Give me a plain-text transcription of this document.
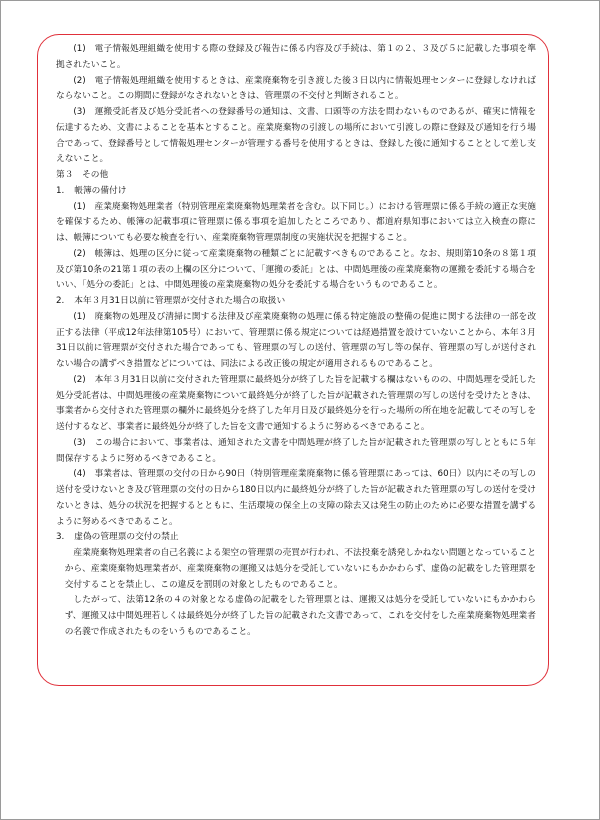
(1)　電子情報処理組織を使用する際の登録及び報告に係る内容及び手続は、第１の２、３及び５に記載した事項を準拠されたいこと。

(2)　電子情報処理組織を使用するときは、産業廃棄物を引き渡した後３日以内に情報処理センターに登録しなければならないこと。この期間に登録がなされないときは、管理票の不交付と判断されること。

(3)　運搬受託者及び処分受託者への登録番号の通知は、文書、口頭等の方法を問わないものであるが、確実に情報を伝達するため、文書によることを基本とすること。産業廃棄物の引渡しの場所において引渡しの際に登録及び通知を行う場合であって、登録番号として情報処理センターが管理する番号を使用するときは、登録した後に通知することとして差し支えないこと。

第３　その他

1. 帳簿の備付け

(1)　産業廃棄物処理業者（特別管理産業廃棄物処理業者を含む。以下同じ。）における管理票に係る手続の適正な実施を確保するため、帳簿の記載事項に管理票に係る事項を追加したところであり、都道府県知事においては立入検査の際には、帳簿についても必要な検査を行い、産業廃棄物管理票制度の実施状況を把握すること。

(2)　帳簿は、処理の区分に従って産業廃棄物の種類ごとに記載すべきものであること。なお、規則第10条の８第１項及び第10条の21第１項の表の上欄の区分について、「運搬の委託」とは、中間処理後の産業廃棄物の運搬を委託する場合をいい、「処分の委託」とは、中間処理後の産業廃棄物の処分を委託する場合をいうものであること。

2. 本年３月31日以前に管理票が交付された場合の取扱い

(1)　廃棄物の処理及び清掃に関する法律及び産業廃棄物の処理に係る特定施設の整備の促進に関する法律の一部を改正する法律（平成12年法律第105号）において、管理票に係る規定については経過措置を設けていないことから、本年３月31日以前に管理票が交付された場合であっても、管理票の写しの送付、管理票の写し等の保存、管理票の写しが送付されない場合の講ずべき措置などについては、同法による改正後の規定が適用されるものであること。

(2)　本年３月31日以前に交付された管理票に最終処分が終了した旨を記載する欄はないものの、中間処理を受託した処分受託者は、中間処理後の産業廃棄物について最終処分が終了した旨が記載された管理票の写しの送付を受けたときは、事業者から交付された管理票の欄外に最終処分を終了した年月日及び最終処分を行った場所の所在地を記載してその写しを送付するなど、事業者に最終処分が終了した旨を文書で通知するように努めるべきであること。

(3)　この場合において、事業者は、通知された文書を中間処理が終了した旨が記載された管理票の写しとともに５年間保存するように努めるべきであること。

(4)　事業者は、管理票の交付の日から90日（特別管理産業廃棄物に係る管理票にあっては、60日）以内にその写しの送付を受けないとき及び管理票の交付の日から180日以内に最終処分が終了した旨が記載された管理票の写しの送付を受けないときは、処分の状況を把握するとともに、生活環境の保全上の支障の除去又は発生の防止のために必要な措置を講ずるように努めるべきであること。

3. 虚偽の管理票の交付の禁止

産業廃棄物処理業者の自己名義による架空の管理票の売買が行われ、不法投棄を誘発しかねない問題となっていることから、産業廃棄物処理業者が、産業廃棄物の運搬又は処分を受託していないにもかかわらず、虚偽の記載をした管理票を交付することを禁止し、この違反を罰則の対象としたものであること。

したがって、法第12条の４の対象となる虚偽の記載をした管理票とは、運搬又は処分を受託していないにもかかわらず、運搬又は中間処理若しくは最終処分が終了した旨の記載された文書であって、これを交付をした産業廃棄物処理業者の名義で作成されたものをいうものであること。
